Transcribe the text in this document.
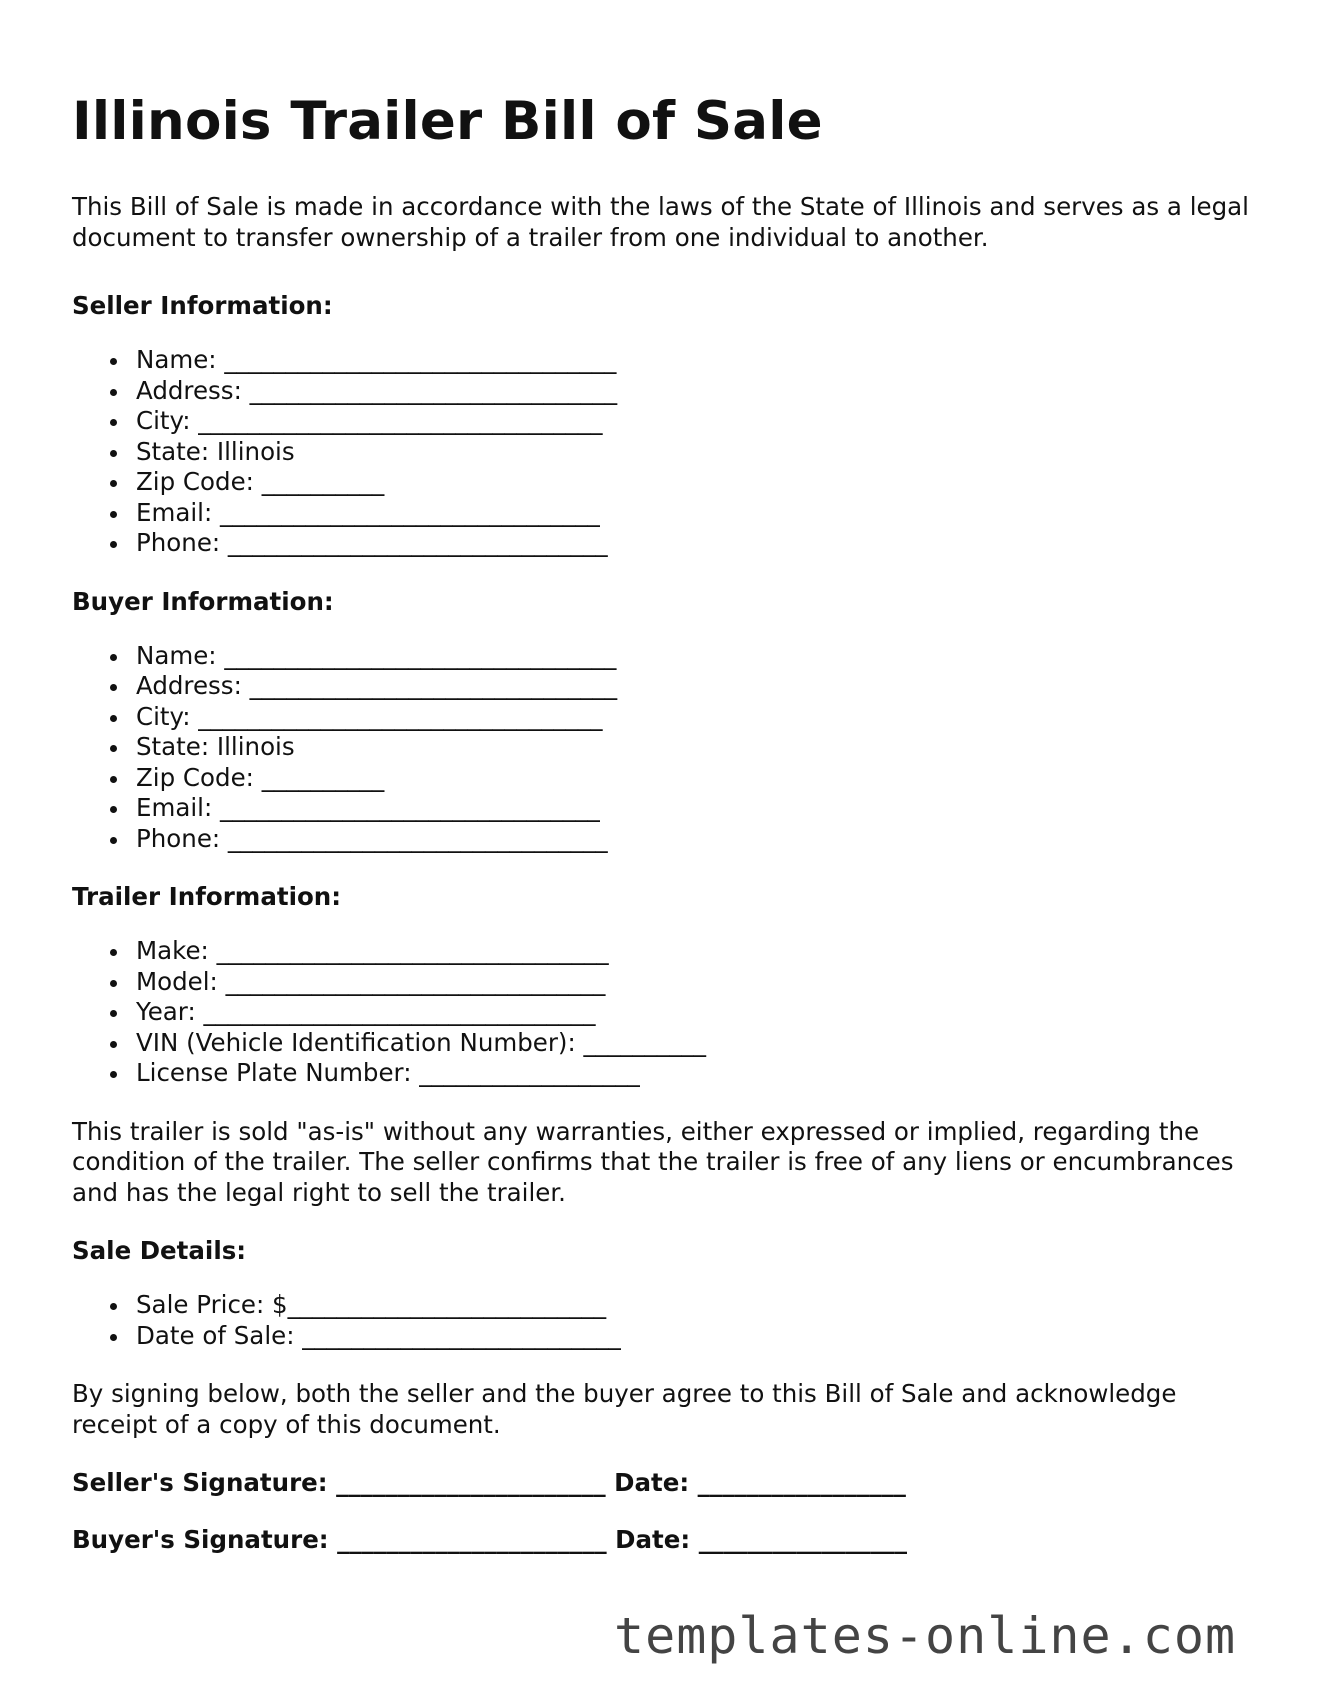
Illinois Trailer Bill of Sale

This Bill of Sale is made in accordance with the laws of the State of Illinois and serves as a legal document to transfer ownership of a trailer from one individual to another.

Seller Information:
Name: ________________________________
Address: ______________________________
City: _________________________________
State: Illinois
Zip Code: __________
Email: _______________________________
Phone: _______________________________
Buyer Information:
Name: ________________________________
Address: ______________________________
City: _________________________________
State: Illinois
Zip Code: __________
Email: _______________________________
Phone: _______________________________
Trailer Information:
Make: ________________________________
Model: _______________________________
Year: ________________________________
VIN (Vehicle Identification Number): __________
License Plate Number: __________________

This trailer is sold "as-is" without any warranties, either expressed or implied, regarding the condition of the trailer. The seller confirms that the trailer is free of any liens or encumbrances and has the legal right to sell the trailer.

Sale Details:
Sale Price: $__________________________
Date of Sale: __________________________

By signing below, both the seller and the buyer agree to this Bill of Sale and acknowledge receipt of a copy of this document.

Seller's Signature: ______________________ Date: _________________
Buyer's Signature: ______________________ Date: _________________
templates-online.com
